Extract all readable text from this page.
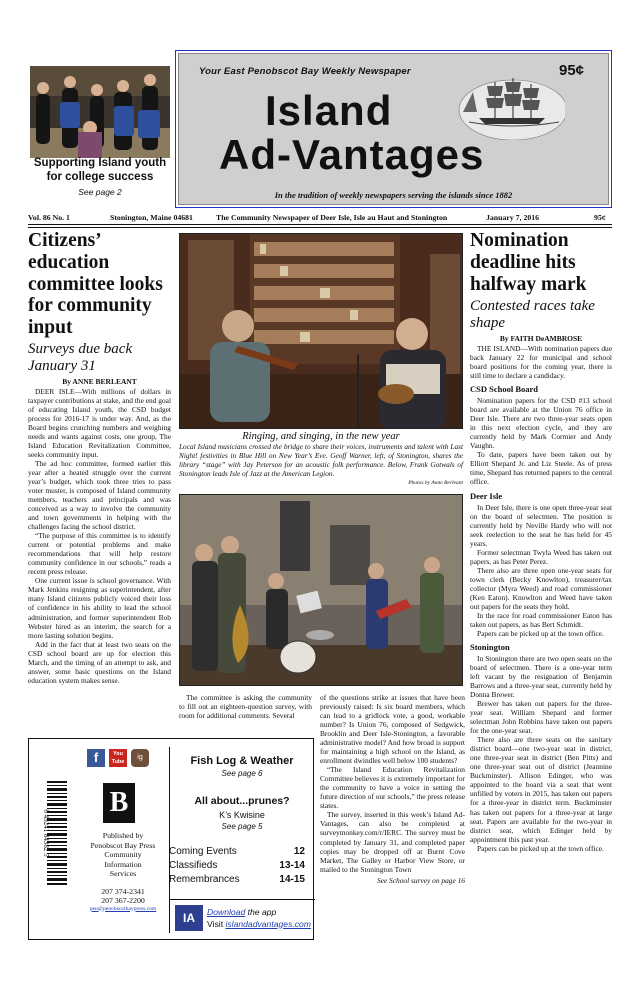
Supporting Island youth
for college success
See page 2
Your East Penobscot Bay Weekly Newspaper	95¢
Island
Ad-Vantages
In the tradition of weekly newspapers serving the islands since 1882
Vol. 86 No. 1	Stonington, Maine 04681	The Community Newspaper of Deer Isle, Isle au Haut and Stonington	January 7, 2016	95¢
Citizens’ education committee looks for community input
Surveys due back January 31
By ANNE BERLEANT

DEER ISLE—With millions of dollars in taxpayer contributions at stake, and the end goal of educating Island youth, the CSD budget process for 2016-17 is under way. And, as the Board begins crunching numbers and weighing needs and wants against costs, one group, The Island Education Revitalization Committee, seeks community input.

The ad hoc committee, formed earlier this year after a heated struggle over the current year’s budget, which took three tries to pass voter muster, is composed of Island community members, teachers and principals and was conceived as a way to involve the community and town governments in helping with the challenges facing the school district.

“The purpose of this committee is to identify current or potential problems and make recommendations that will help restore community confidence in our schools,” reads a recent press release.

One current issue is school governance. With Mark Jenkins resigning as superintendent, after many Island citizens publicly voiced their loss of confidence in his ability to lead the school administration, and former superintendent Bob Webster hired as an interim, the search for a more lasting solution begins.

Add in the fact that at least two seats on the CSD school board are up for election this March, and the timing of an attempt to ask, and answer, some basic questions on the Island education system makes sense.

Ringing, and singing, in the new year

Local Island musicians crossed the bridge to share their voices, instruments and talent with Last Night! festivities in Blue Hill on New Year’s Eve. Geoff Warner, left, of Stonington, shares the library “stage” with Jay Peterson for an acoustic folk performance. Below, Frank Gotwals of Stonington leads Isle of Jazz at the American Legion.

Photos by Anne Berleant

The committee is asking the community to fill out an eighteen-question survey, with room for additional comments. Several

of the questions strike at issues that have been previously raised: Is six board members, which can lead to a gridlock vote, a good, workable number? Is Union 76, composed of Sedgwick, Brooklin and Deer Isle-Stonington, a favorable administrative model? And how broad is support for maintaining a high school on the Island, as enrollment dwindles well below 100 students?

“The Island Education Revitalization Committee believes it is extremely important for the community to have a voice in setting the future direction of our schools,” the press release states.

The survey, inserted in this week’s Island Ad-Vantages, can also be completed at surveymonkey.com/r/IERC. The survey must be completed by January 31, and completed paper copies may be dropped off at Burnt Cove Market, The Galley or Harbor View Store, or mailed to the Stonington Town

See School survey on page 16
Nomination deadline hits halfway mark
Contested races take shape
By FAITH DeAMBROSE

THE ISLAND—With nomination papers due back January 22 for municipal and school board positions for the coming year, there is still time to declare a candidacy.

CSD School Board

Nomination papers for the CSD #13 school board are available at the Union 76 office in Deer Isle. There are two three-year seats open in this next election cycle, and they are currently held by Mark Cormier and Andy Vaughn.

To date, papers have been taken out by Elliott Shepard Jr. and Liz Steele. As of press time, Shepard has returned papers to the central office.

Deer Isle

In Deer Isle, there is one open three-year seat on the board of selectmen. The position is currently held by Neville Hardy who will not seek reelection to the seat he has held for 45 years.

Former selectman Twyla Weed has taken out papers, as has Peter Perez.

There also are three open one-year seats for town clerk (Becky Knowlton), treasurer/tax collector (Myra Weed) and road commissioner (Ken Eaton). Knowlton and Weed have taken out papers for the seats they hold.

In the race for road commissioner Eaton has taken out papers, as has Bert Schmidt.

Papers can be picked up at the town office.

Stonington

In Stonington there are two open seats on the board of selectmen. There is a one-year term left vacant by the resignation of Benjamin Barrows and a three-year seat, currently held by Donna Brewer.

Brewer has taken out papers for the three-year seat. William Shepard and former selectman John Robbins have taken out papers for the one-year seat.

There also are three seats on the sanitary district board—one two-year seat in district, one three-year seat in district (Ben Pitts) and one three-year seat out of district (Jeannine Buckminster). Allison Edinger, who was appointed to the board via a seat that went unfilled by voters in 2015, has taken out papers for a three-year in district term. Buckminster has taken out papers for a three-year at large seat. Papers are available for the two-year in district seat, which Edinger held by appointment this past year.

Papers can be picked up at the town office.

f	You Tube
ig
B
6 49241 84382 5	Published by
Penobscot Bay Press
Community
Information
Services
207 374-2341
207 367-2200
pen@penobscotbaypress.com
Fish Log & Weather
See page 6
All about...prunes?
K’s Kwisine
See page 5
Coming Events	12
Classifieds	13-14
Remembrances	14-15
IA	Download the app
Visit islandadvantages.com
